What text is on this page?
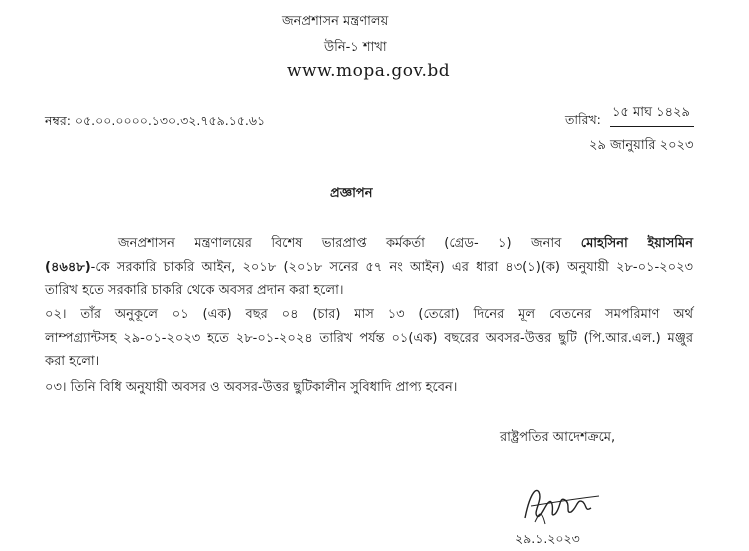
জনপ্রশাসন মন্ত্রণালয়
উনি-১ শাখা
www.mopa.gov.bd
নম্বর: ০৫.০০.০০০০.১৩০.৩২.৭৫৯.১৫.৬১	তারিখ: ১৫ মাঘ ১৪২৯
২৯ জানুয়ারি ২০২৩
প্রজ্ঞাপন
জনপ্রশাসন মন্ত্রণালয়ের বিশেষ ভারপ্রাপ্ত কর্মকর্তা (গ্রেড- ১) জনাব মোহসিনা ইয়াসমিন
(৪৬৪৮)-কে সরকারি চাকরি আইন, ২০১৮ (২০১৮ সনের ৫৭ নং আইন) এর ধারা ৪৩(১)(ক) অনুযায়ী ২৮-০১-২০২৩
তারিখ হতে সরকারি চাকরি থেকে অবসর প্রদান করা হলো।
০২। তাঁর অনুকূলে ০১ (এক) বছর ০৪ (চার) মাস ১৩ (তেরো) দিনের মূল বেতনের সমপরিমাণ অর্থ
লাম্পগ্র্যান্টসহ ২৯-০১-২০২৩ হতে ২৮-০১-২০২৪ তারিখ পর্যন্ত ০১(এক) বছরের অবসর-উত্তর ছুটি (পি.আর.এল.) মঞ্জুর
করা হলো।
০৩। তিনি বিধি অনুযায়ী অবসর ও অবসর-উত্তর ছুটিকালীন সুবিধাদি প্রাপ্য হবেন।
রাষ্ট্রপতির আদেশক্রমে,
২৯.১.২০২৩
